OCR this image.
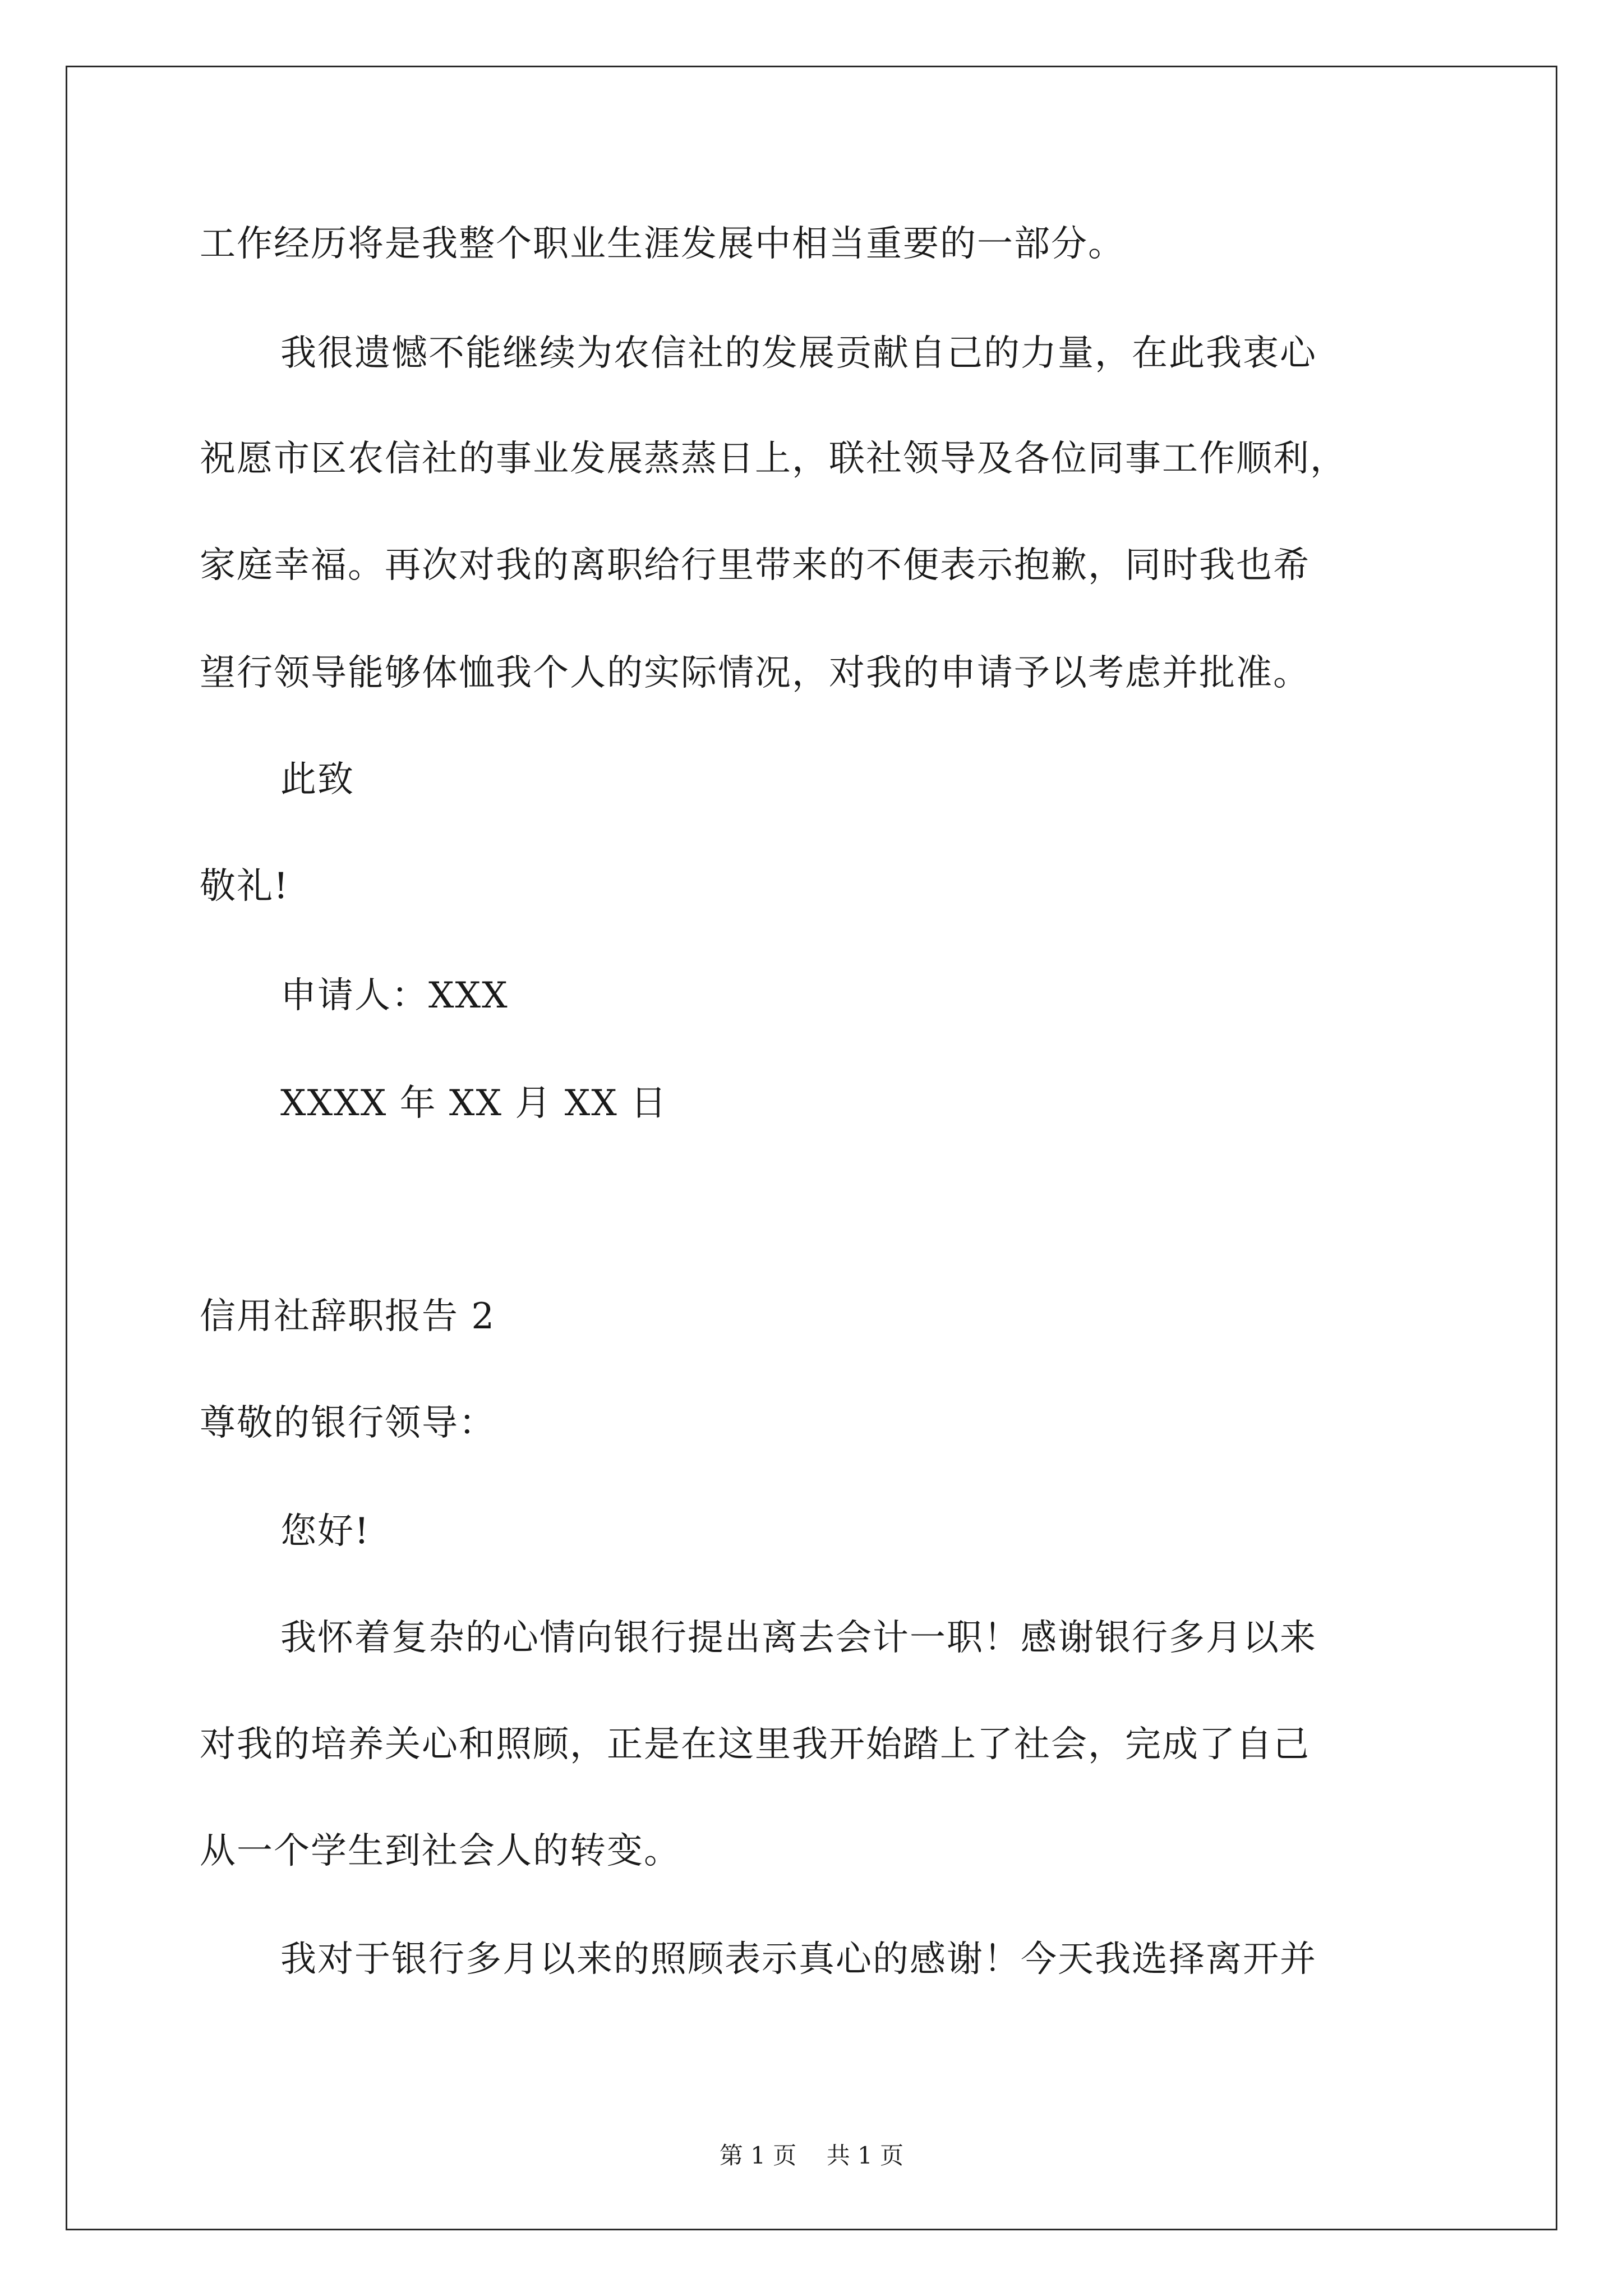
工作经历将是我整个职业生涯发展中相当重要的一部分。
我很遗憾不能继续为农信社的发展贡献自己的力量，在此我衷心
祝愿市区农信社的事业发展蒸蒸日上，联社领导及各位同事工作顺利，
家庭幸福。再次对我的离职给行里带来的不便表示抱歉，同时我也希
望行领导能够体恤我个人的实际情况，对我的申请予以考虑并批准。
此致
敬礼!
申请人：XXX
XXXX 年 XX 月 XX 日
信用社辞职报告 2
尊敬的银行领导：
您好!
我怀着复杂的心情向银行提出离去会计一职！感谢银行多月以来
对我的培养关心和照顾，正是在这里我开始踏上了社会，完成了自己
从一个学生到社会人的转变。
我对于银行多月以来的照顾表示真心的感谢！今天我选择离开并
第 1 页    共 1 页
